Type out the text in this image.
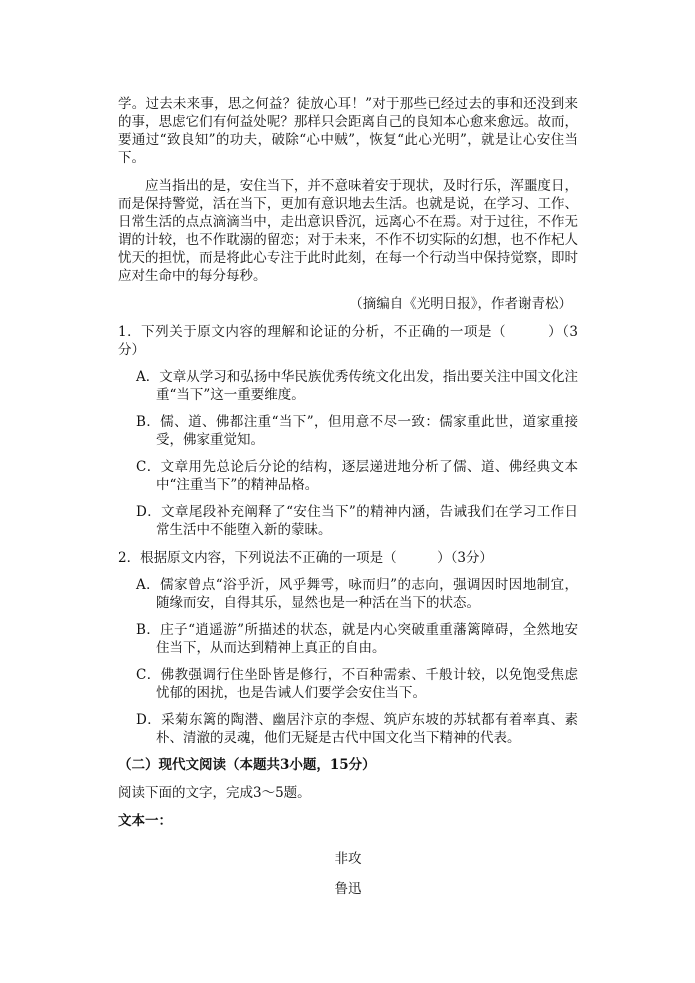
学。过去未来事，思之何益？徒放心耳！”对于那些已经过去的事和还没到来的事，思虑它们有何益处呢？那样只会距离自己的良知本心愈来愈远。故而，要通过“致良知”的功夫，破除“心中贼”，恢复“此心光明”，就是让心安住当下。

应当指出的是，安住当下，并不意味着安于现状，及时行乐，浑噩度日，而是保持警觉，活在当下，更加有意识地去生活。也就是说，在学习、工作、日常生活的点点滴滴当中，走出意识昏沉，远离心不在焉。对于过往，不作无谓的计较，也不作耽溺的留恋；对于未来，不作不切实际的幻想，也不作杞人忧天的担忧，而是将此心专注于此时此刻，在每一个行动当中保持觉察，即时应对生命中的每分每秒。

（摘编自《光明日报》，作者谢青松）

1．下列关于原文内容的理解和论证的分析，不正确的一项是（　　　）（3分）

A．文章从学习和弘扬中华民族优秀传统文化出发，指出要关注中国文化注重“当下”这一重要维度。

B．儒、道、佛都注重“当下”，但用意不尽一致：儒家重此世，道家重接受，佛家重觉知。

C．文章用先总论后分论的结构，逐层递进地分析了儒、道、佛经典文本中“注重当下”的精神品格。

D．文章尾段补充阐释了“安住当下”的精神内涵，告诫我们在学习工作日常生活中不能堕入新的蒙昧。

2．根据原文内容，下列说法不正确的一项是（　　　）（3分）

A．儒家曾点“浴乎沂，风乎舞雩，咏而归”的志向，强调因时因地制宜，随缘而安，自得其乐，显然也是一种活在当下的状态。

B．庄子“逍遥游”所描述的状态，就是内心突破重重藩篱障碍，全然地安住当下，从而达到精神上真正的自由。

C．佛教强调行住坐卧皆是修行，不百种需索、千般计较，以免饱受焦虑忧郁的困扰，也是告诫人们要学会安住当下。

D．采菊东篱的陶潜、幽居汴京的李煜、筑庐东坡的苏轼都有着率真、素朴、清澈的灵魂，他们无疑是古代中国文化当下精神的代表。

（二）现代文阅读（本题共3小题，15分）

阅读下面的文字，完成3～5题。

文本一：

非攻

鲁迅
